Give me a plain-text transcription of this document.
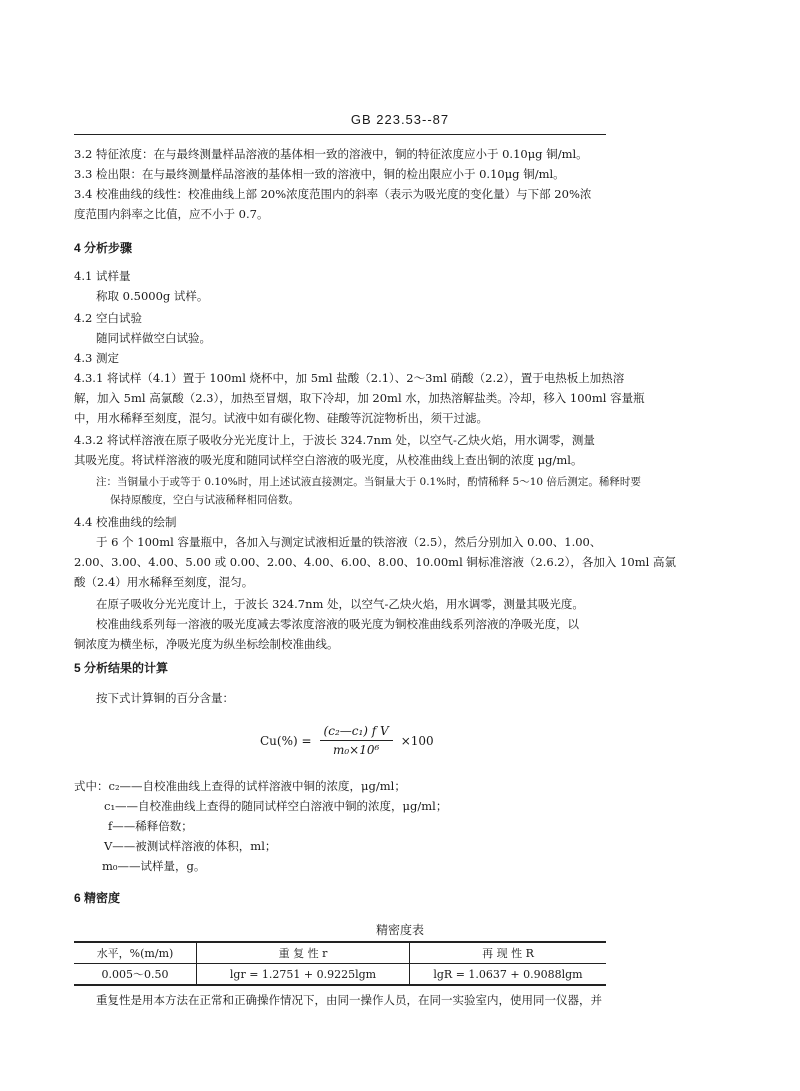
GB 223.53--87
3.2 特征浓度：在与最终测量样品溶液的基体相一致的溶液中，铜的特征浓度应小于 0.10μg 铜/ml。
3.3 检出限：在与最终测量样品溶液的基体相一致的溶液中，铜的检出限应小于 0.10μg 铜/ml。
3.4 校准曲线的线性：校准曲线上部 20%浓度范围内的斜率（表示为吸光度的变化量）与下部 20%浓
度范围内斜率之比值，应不小于 0.7。
4 分析步骤
4.1 试样量
称取 0.5000g 试样。
4.2 空白试验
随同试样做空白试验。
4.3 测定
4.3.1 将试样（4.1）置于 100ml 烧杯中，加 5ml 盐酸（2.1）、2～3ml 硝酸（2.2），置于电热板上加热溶
解，加入 5ml 高氯酸（2.3），加热至冒烟，取下冷却，加 20ml 水，加热溶解盐类。冷却，移入 100ml 容量瓶
中，用水稀释至刻度，混匀。试液中如有碳化物、硅酸等沉淀物析出，须干过滤。
4.3.2 将试样溶液在原子吸收分光光度计上，于波长 324.7nm 处，以空气-乙炔火焰，用水调零，测量
其吸光度。将试样溶液的吸光度和随同试样空白溶液的吸光度，从校准曲线上查出铜的浓度 μg/ml。
注：当铜量小于或等于 0.10%时，用上述试液直接测定。当铜量大于 0.1%时，酌情稀释 5～10 倍后测定。稀释时要
保持原酸度，空白与试液稀释相同倍数。
4.4 校准曲线的绘制
于 6 个 100ml 容量瓶中，各加入与测定试液相近量的铁溶液（2.5），然后分别加入 0.00、1.00、
2.00、3.00、4.00、5.00 或 0.00、2.00、4.00、6.00、8.00、10.00ml 铜标准溶液（2.6.2），各加入 10ml 高氯
酸（2.4）用水稀释至刻度，混匀。
在原子吸收分光光度计上，于波长 324.7nm 处，以空气-乙炔火焰，用水调零，测量其吸光度。
校准曲线系列每一溶液的吸光度减去零浓度溶液的吸光度为铜校准曲线系列溶液的净吸光度，以
铜浓度为横坐标，净吸光度为纵坐标绘制校准曲线。
5 分析结果的计算
按下式计算铜的百分含量：
$Cu(\%) = \frac{\text{(c₂—c₁) f V}}{\text{m₀×10⁶}} \times 100$
式中：c₂——自校准曲线上查得的试样溶液中铜的浓度，μg/ml；
c₁——自校准曲线上查得的随同试样空白溶液中铜的浓度，μg/ml；
f——稀释倍数；
V——被测试样溶液的体积，ml；
m₀——试样量，g。
6 精密度
精密度表
水平，%(m/m)	重 复 性 r	再 现 性 R
0.005～0.50	lgr = 1.2751 + 0.9225lgm	lgR = 1.0637 + 0.9088lgm
重复性是用本方法在正常和正确操作情况下，由同一操作人员，在同一实验室内，使用同一仪器，并
